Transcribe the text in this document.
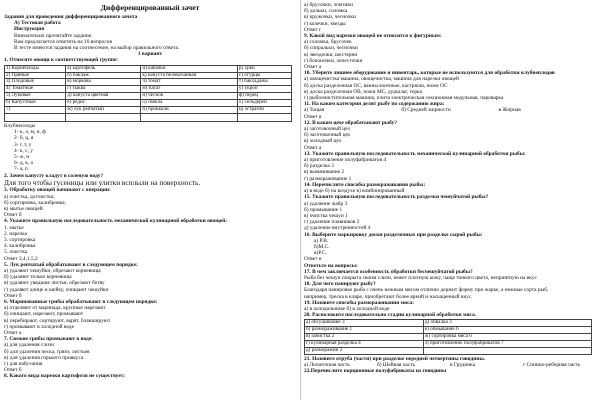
Дифференцированный зачет
Задания для проведения дифференцированного зачета
А) Тестовая работа
Инструкция
Внимательно прочитайте задание.
Вам предлагается ответить на 10 вопросов
В тесте имеются задания на соотнесение, на выбор правильного ответа.
1 вариант
1. Отнесите овощи к соответствующей группе:
1) Корнеплоды	а) картофель	и) кабачки	р) хрен
2) Пряные	б) баклаж	к) капуста белокочанная	с) огурцы
3) Плодовые	в) морковь	л) томат	т) бакхаданы
4) Томатные	г) тыква	м) батат	у) укроп
5) Луковые	д) капуста цветная	н) чеснок	ф) перец
6) Капустные	е) редис	о) свекла	х) сельдерей
7)	ж) лук репчатый	п) брокколи	ц) эстрагон

Клубнеплоды
1- к, л, м, н, ф
2- б, ц, я
3- г, т, у
4- к, с, у
5- ж, н
6- д, к, о
7- а, п
2. Зачем капусту кладут в соленую воду?
Для того чтобы гусеницы или улитки всплыли на поверхность.
3. Обработку овощей начинают с операции:
а) очистка, досчистка;
б) сортировка, калибровка;
в) мытье овощей.
Ответ б
4. Укажите правильную последовательность механической кулинарной обработки овощей:
1. мытье
2. нарезка
3. сортировка
4. калибровка
5. очистка
Ответ 3,4,1,5,2
5. Лук репчатый обрабатывают в следующем порядке:
а) удаляют чешуйки, обрезают корневища
б) удаляют только корневища
в) удаляют увядшие листья, обрезают ботву
г) удаляют донце и шейку, очищают чешуйки
Ответ б
6. Маринованные грибы обрабатывают в следующем порядке:
а) отделяют от маринада, крупные нарезают
б) очищают, нарезают, промывают
в) перебирают, сортируют, варят, бланшируют
г) промывают в холодной воде
Ответ а
7. Свежие грибы промывают в воде:
а) для удаления слизи
б) для удаления песка, грязи, листьев
в) для удаления горького привкуса
г) для набухания
Ответ б
8. Какого вида нарезки картофеля не существует:
а) брусочки, ломтики
б) дольки, соломка
в) кружочки, чесночки
г) колечки, звезды
Ответ г
9. Какой вид нарезки овощей не относится к фигурным:
а) соломка, брусочек
б) спиральки, чесночки
в) звездочки, шестерни
г) бочоночки, лепесточки
Ответ а
10. Уберите лишнее оборудование и инвентарь, которые не используются для обработки клубнеплодов
а) овощечистка машина, овощечистка, машина для нарезки овощей
б) доска разделочная ОС, ванны моечные, кастрюли, ножи ОС
в) доска разделочная ОВ, ножи МС, дуршлаг, терка
г) рыбоочистительная машина, плита электрическая секционная модульная, пароварка
11. На каком категории делят рыбу по содержанию жира:
а) Тощая	б) Средней жирности	в Жирная
Ответ в
12. В каком цехе обрабатывают рыбу?
а) заготовочный цех
б) заготовочный цех
в) холодный цех
Ответ а
13. Укажите правильную последовательность механической кулинарной обработки рыбы:
а) приготовление полуфабрикатов 4
б) разделка 3
в) вымачивание 2
г) размораживание 1
14. Перечислите способы размораживания рыбы:
а) в воде б) на воздухе в) комбинированный
15. Укажите правильную последовательность разделки чешуйчатой рыбы?
а) удаление жабр 3
б) промывание 1
в) очистка чешуи 1
г) удаление плавников 2
д) удаление внутренностей 4
16. Выберите маркировку доски разделочных при разделке сырой рыбы:
а) Р.В.
б)М.С.
в)Р.С.
Ответ в
Ответьте на вопросы:
17. В чем заключается особенность обработки бесчешуйчатой рыбы?
Рыба без чешуи покрыта своим слизи, имеет плотную кожу, чаще тонкого цвета, неприятную на вкус
18. Для чего панируют рыбу?
Благодаря панировке рыба с очень нежным мясом отлично держит форму при жарке, а нежные сорта рыб,
например, треска в кляре, приобретают более яркий и насыщенный вкус.
19. Назовите способы размораживания мяса:
а) в холодильнике б) в холодной воде
20. Расположите последовательно стадии кулинарной обработки мяса.
а) обсушивание 3	д) обвалка 3
б) размораживание 1	е) обмывание 6
в) зачистка 2	ж) сортировка мяса 6
г) кулинарная разделка 4	з) приготовление полуфабрикатов 7
д) разморажин 2	
21. Назовите отруба (части) при разделке передней четвертины говядины.
а) Лопаточная часть	б) Шейная часть	в Грудинка	г Спинно-реберная часть
22.Перечислите порционные полуфабрикаты из говядины
